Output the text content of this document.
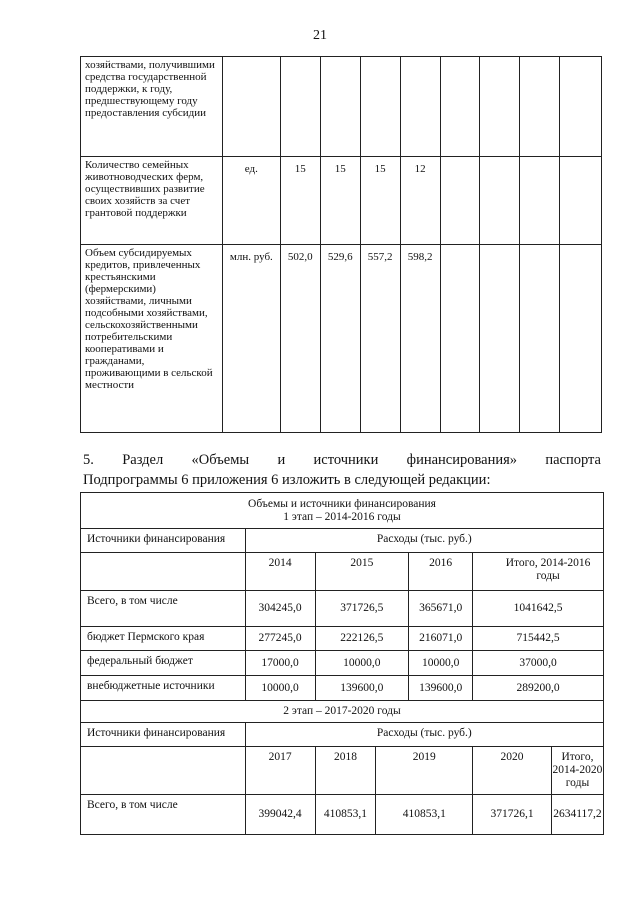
21
хозяйствами, получившими средства государственной поддержки, к году, предшествующему году предоставления субсидии									
Количество семейных животноводческих ферм, осуществивших развитие своих хозяйств за счет грантовой поддержки	ед.	15	15	15	12				
Объем субсидируемых кредитов, привлеченных крестьянскими (фермерскими) хозяйствами, личными подсобными хозяйствами, сельскохозяйственными потребительскими кооперативами и гражданами, проживающими в сельской местности	млн. руб.	502,0	529,6	557,2	598,2				
5. Раздел «Объемы и источники финансирования» паспорта
Подпрограммы 6 приложения 6 изложить в следующей редакции:
Объемы и источники финансирования
1 этап – 2014-2016 годы						

Источники финансирования	Расходы (тыс. руб.)					
	2014	2015		2016	Итого, 2014-2016 годы	
Всего, в том числе	304245,0	371726,5		365671,0	1041642,5	
бюджет Пермского края	277245,0	222126,5		216071,0	715442,5	
федеральный бюджет	17000,0	10000,0		10000,0	37000,0	
внебюджетные источники	10000,0	139600,0		139600,0	289200,0	
2 этап – 2017-2020 годы						
Источники финансирования	Расходы (тыс. руб.)					
	2017	2018	2019		2020	Итого, 2014-2020 годы
Всего, в том числе	399042,4	410853,1	410853,1		371726,1	2634117,2
